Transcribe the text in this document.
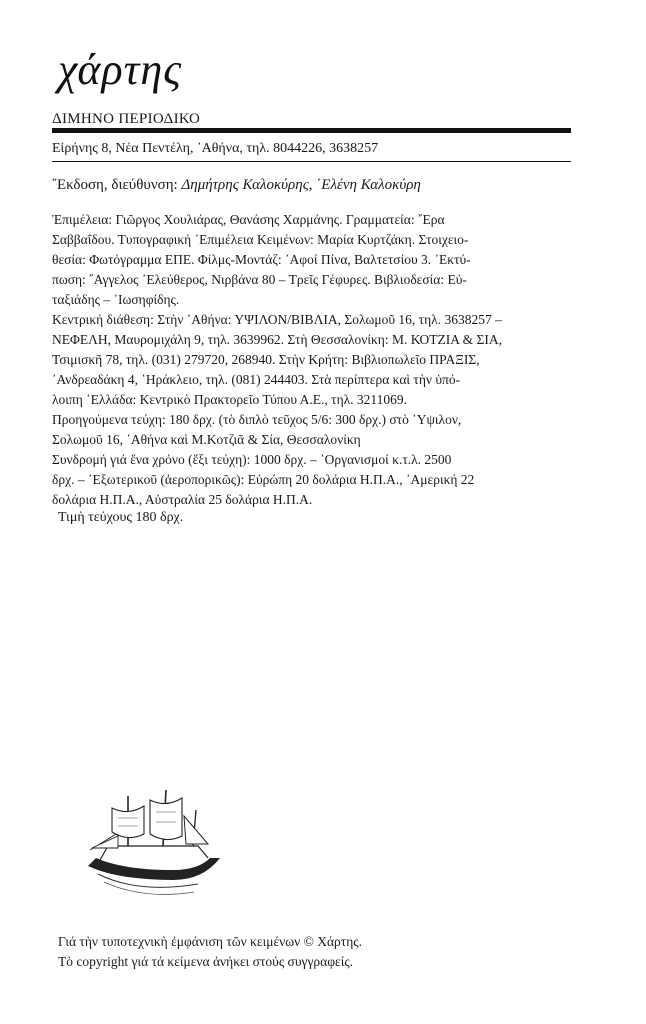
χάρτης
ΔΙΜΗΝΟ ΠΕΡΙΟΔΙΚΟ
Εἰρήνης 8, Νέα Πεντέλη, ᾿Αθήνα, τηλ. 8044226, 3638257
῎Εκδοση, διεύθυνση: Δημήτρης Καλοκύρης, ῾Ελένη Καλοκύρη
Ἐπιμέλεια: Γιῶργος Χουλιάρας, Θανάσης Χαρμάνης. Γραμματεία: ῎Ερα
Σαββαΐδου. Τυπογραφική ᾿Επιμέλεια Κειμένων: Μαρία Κυρτζάκη. Στοιχειο-
θεσία: Φωτόγραμμα ΕΠΕ. Φίλμς-Μοντάζ: ᾿Αφοί Πίνα, Βαλτετσίου 3. ᾿Εκτύ-
πωση: ῎Αγγελος ᾿Ελεύθερος, Νιρβάνα 80 – Τρεῖς Γέφυρες. Βιβλιοδεσία: Εὐ-
ταξιάδης – ᾿Ιωσηφίδης.
Κεντρική διάθεση: Στὴν ᾿Αθήνα: ΥΨΙΛΟΝ/ΒΙΒΛΙΑ, Σολωμοῦ 16, τηλ. 3638257 –
ΝΕΦΕΛΗ, Μαυρομιχάλη 9, τηλ. 3639962. Στὴ Θεσσαλονίκη: Μ. ΚΟΤΖΙΑ & ΣΙΑ,
Τσιμισκῆ 78, τηλ. (031) 279720, 268940. Στὴν Κρήτη: Βιβλιοπωλεῖο ΠΡΑΞΙΣ,
᾿Ανδρεαδάκη 4, ῾Ηράκλειο, τηλ. (081) 244403. Στὰ περίπτερα καὶ τὴν ὑπό-
λοιπη ῾Ελλάδα: Κεντρικὸ Πρακτορεῖο Τύπου Α.Ε., τηλ. 3211069.
Προηγούμενα τεύχη: 180 δρχ. (τὸ διπλὸ τεῦχος 5/6: 300 δρχ.) στὸ ῾Υψιλον,
Σολωμοῦ 16, ᾿Αθήνα καὶ Μ.Κοτζιᾶ & Σία, Θεσσαλονίκη
Συνδρομή γιά ἕνα χρόνο (ἕξι τεύχη): 1000 δρχ. – ᾿Οργανισμοί κ.τ.λ. 2500
δρχ. – ᾿Εξωτερικοῦ (ἀεροπορικῶς): Εὐρώπη 20 δολάρια Η.Π.Α., ᾿Αμερική 22
δολάρια Η.Π.Α., Αὐστραλία 25 δολάρια Η.Π.Α.
Τιμὴ τεύχους 180 δρχ.
Γιά τὴν τυποτεχνικὴ ἐμφάνιση τῶν κειμένων © Χάρτης.
Τὸ copyright γιά τά κείμενα ἀνήκει στούς συγγραφείς.
